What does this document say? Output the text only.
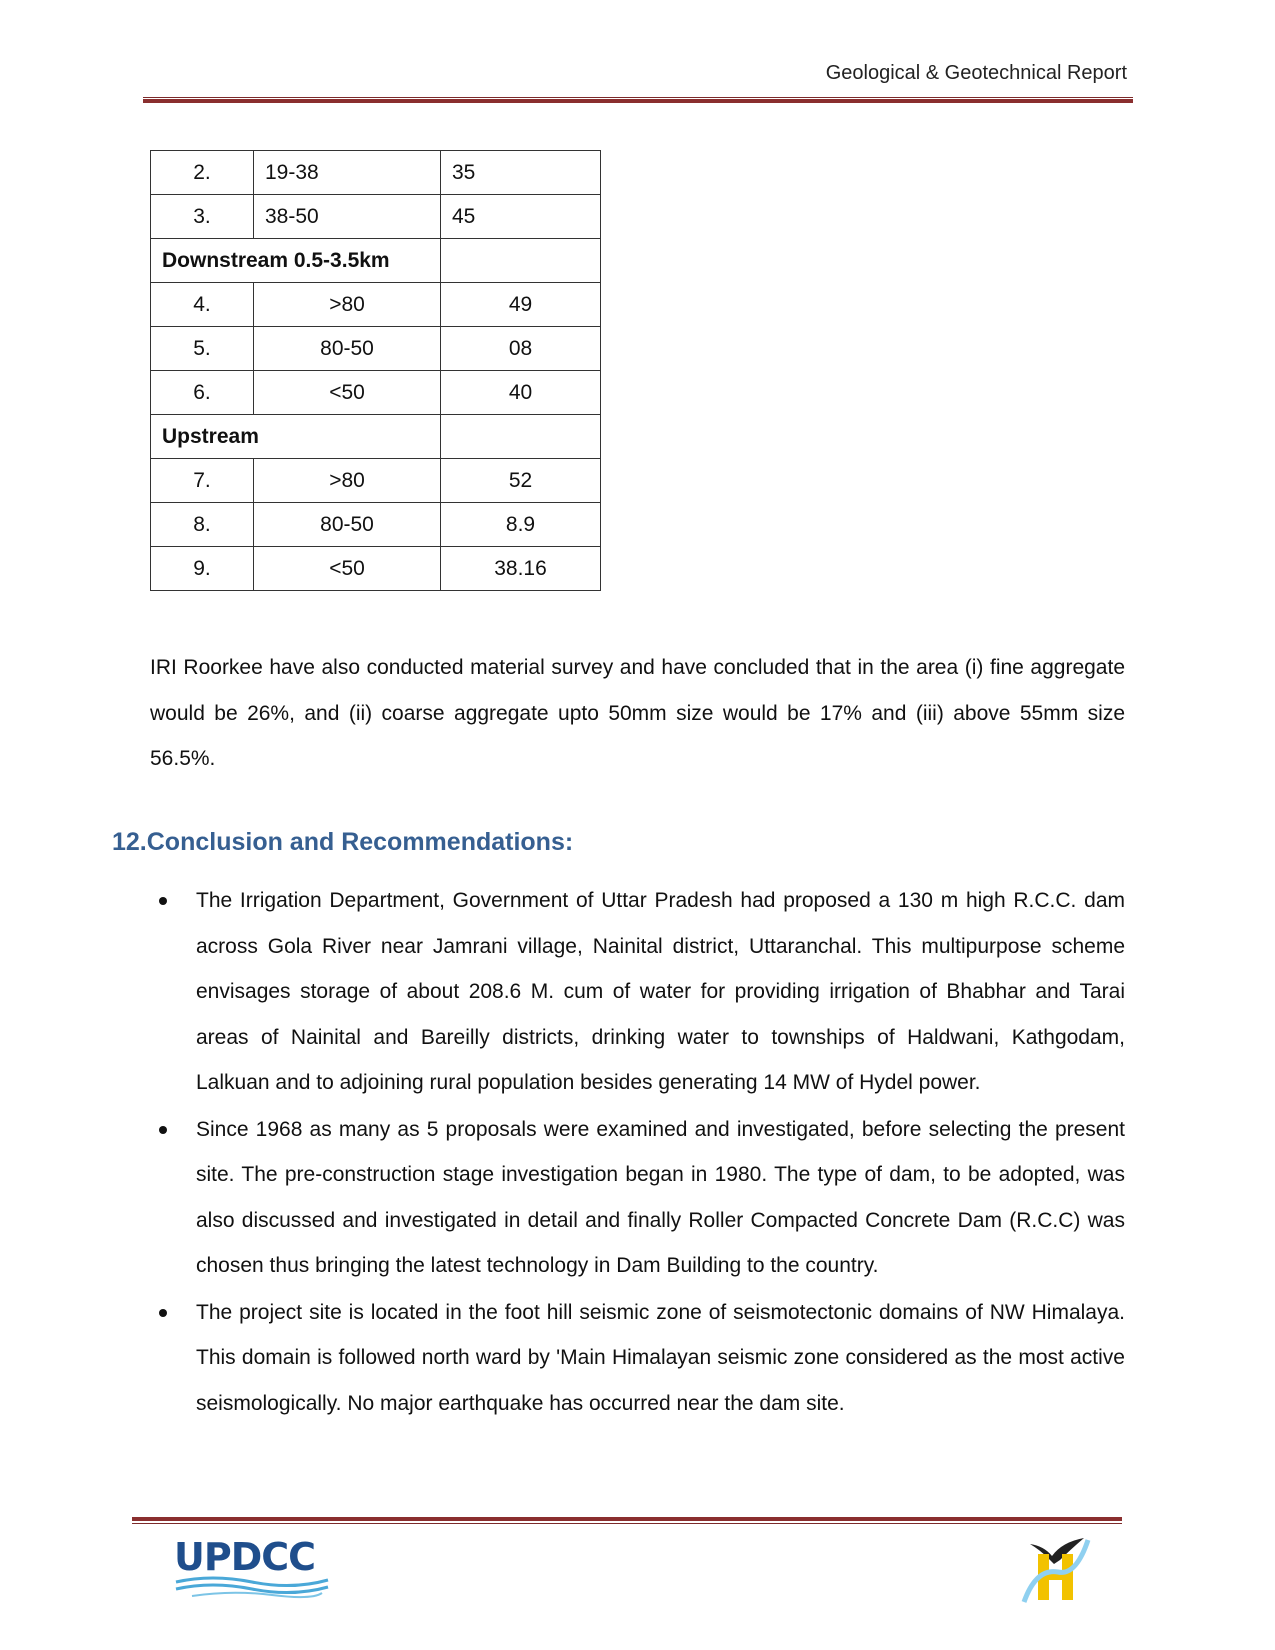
Geological & Geotechnical Report
2.	19-38	35
3.	38-50	45
Downstream 0.5-3.5km		
4.	>80	49
5.	80-50	08
6.	<50	40
Upstream		
7.	>80	52
8.	80-50	8.9
9.	<50	38.16

IRI Roorkee have also conducted material survey and have concluded that in the area (i) fine aggregate would be 26%, and (ii) coarse aggregate upto 50mm size would be 17% and (iii) above 55mm size 56.5%.

12.Conclusion and Recommendations:
The Irrigation Department, Government of Uttar Pradesh had proposed a 130 m high R.C.C. dam across Gola River near Jamrani village, Nainital district, Uttaranchal. This multipurpose scheme envisages storage of about 208.6 M. cum of water for providing irrigation of Bhabhar and Tarai areas of Nainital and Bareilly districts, drinking water to townships of Haldwani, Kathgodam, Lalkuan and to adjoining rural population besides generating 14 MW of Hydel power.
Since 1968 as many as 5 proposals were examined and investigated, before selecting the present site. The pre-construction stage investigation began in 1980. The type of dam, to be adopted, was also discussed and investigated in detail and finally Roller Compacted Concrete Dam (R.C.C) was chosen thus bringing the latest technology in Dam Building to the country.
The project site is located in the foot hill seismic zone of seismotectonic domains of NW Himalaya. This domain is followed north ward by 'Main Himalayan seismic zone considered as the most active seismologically. No major earthquake has occurred near the dam site.
UPDCC
